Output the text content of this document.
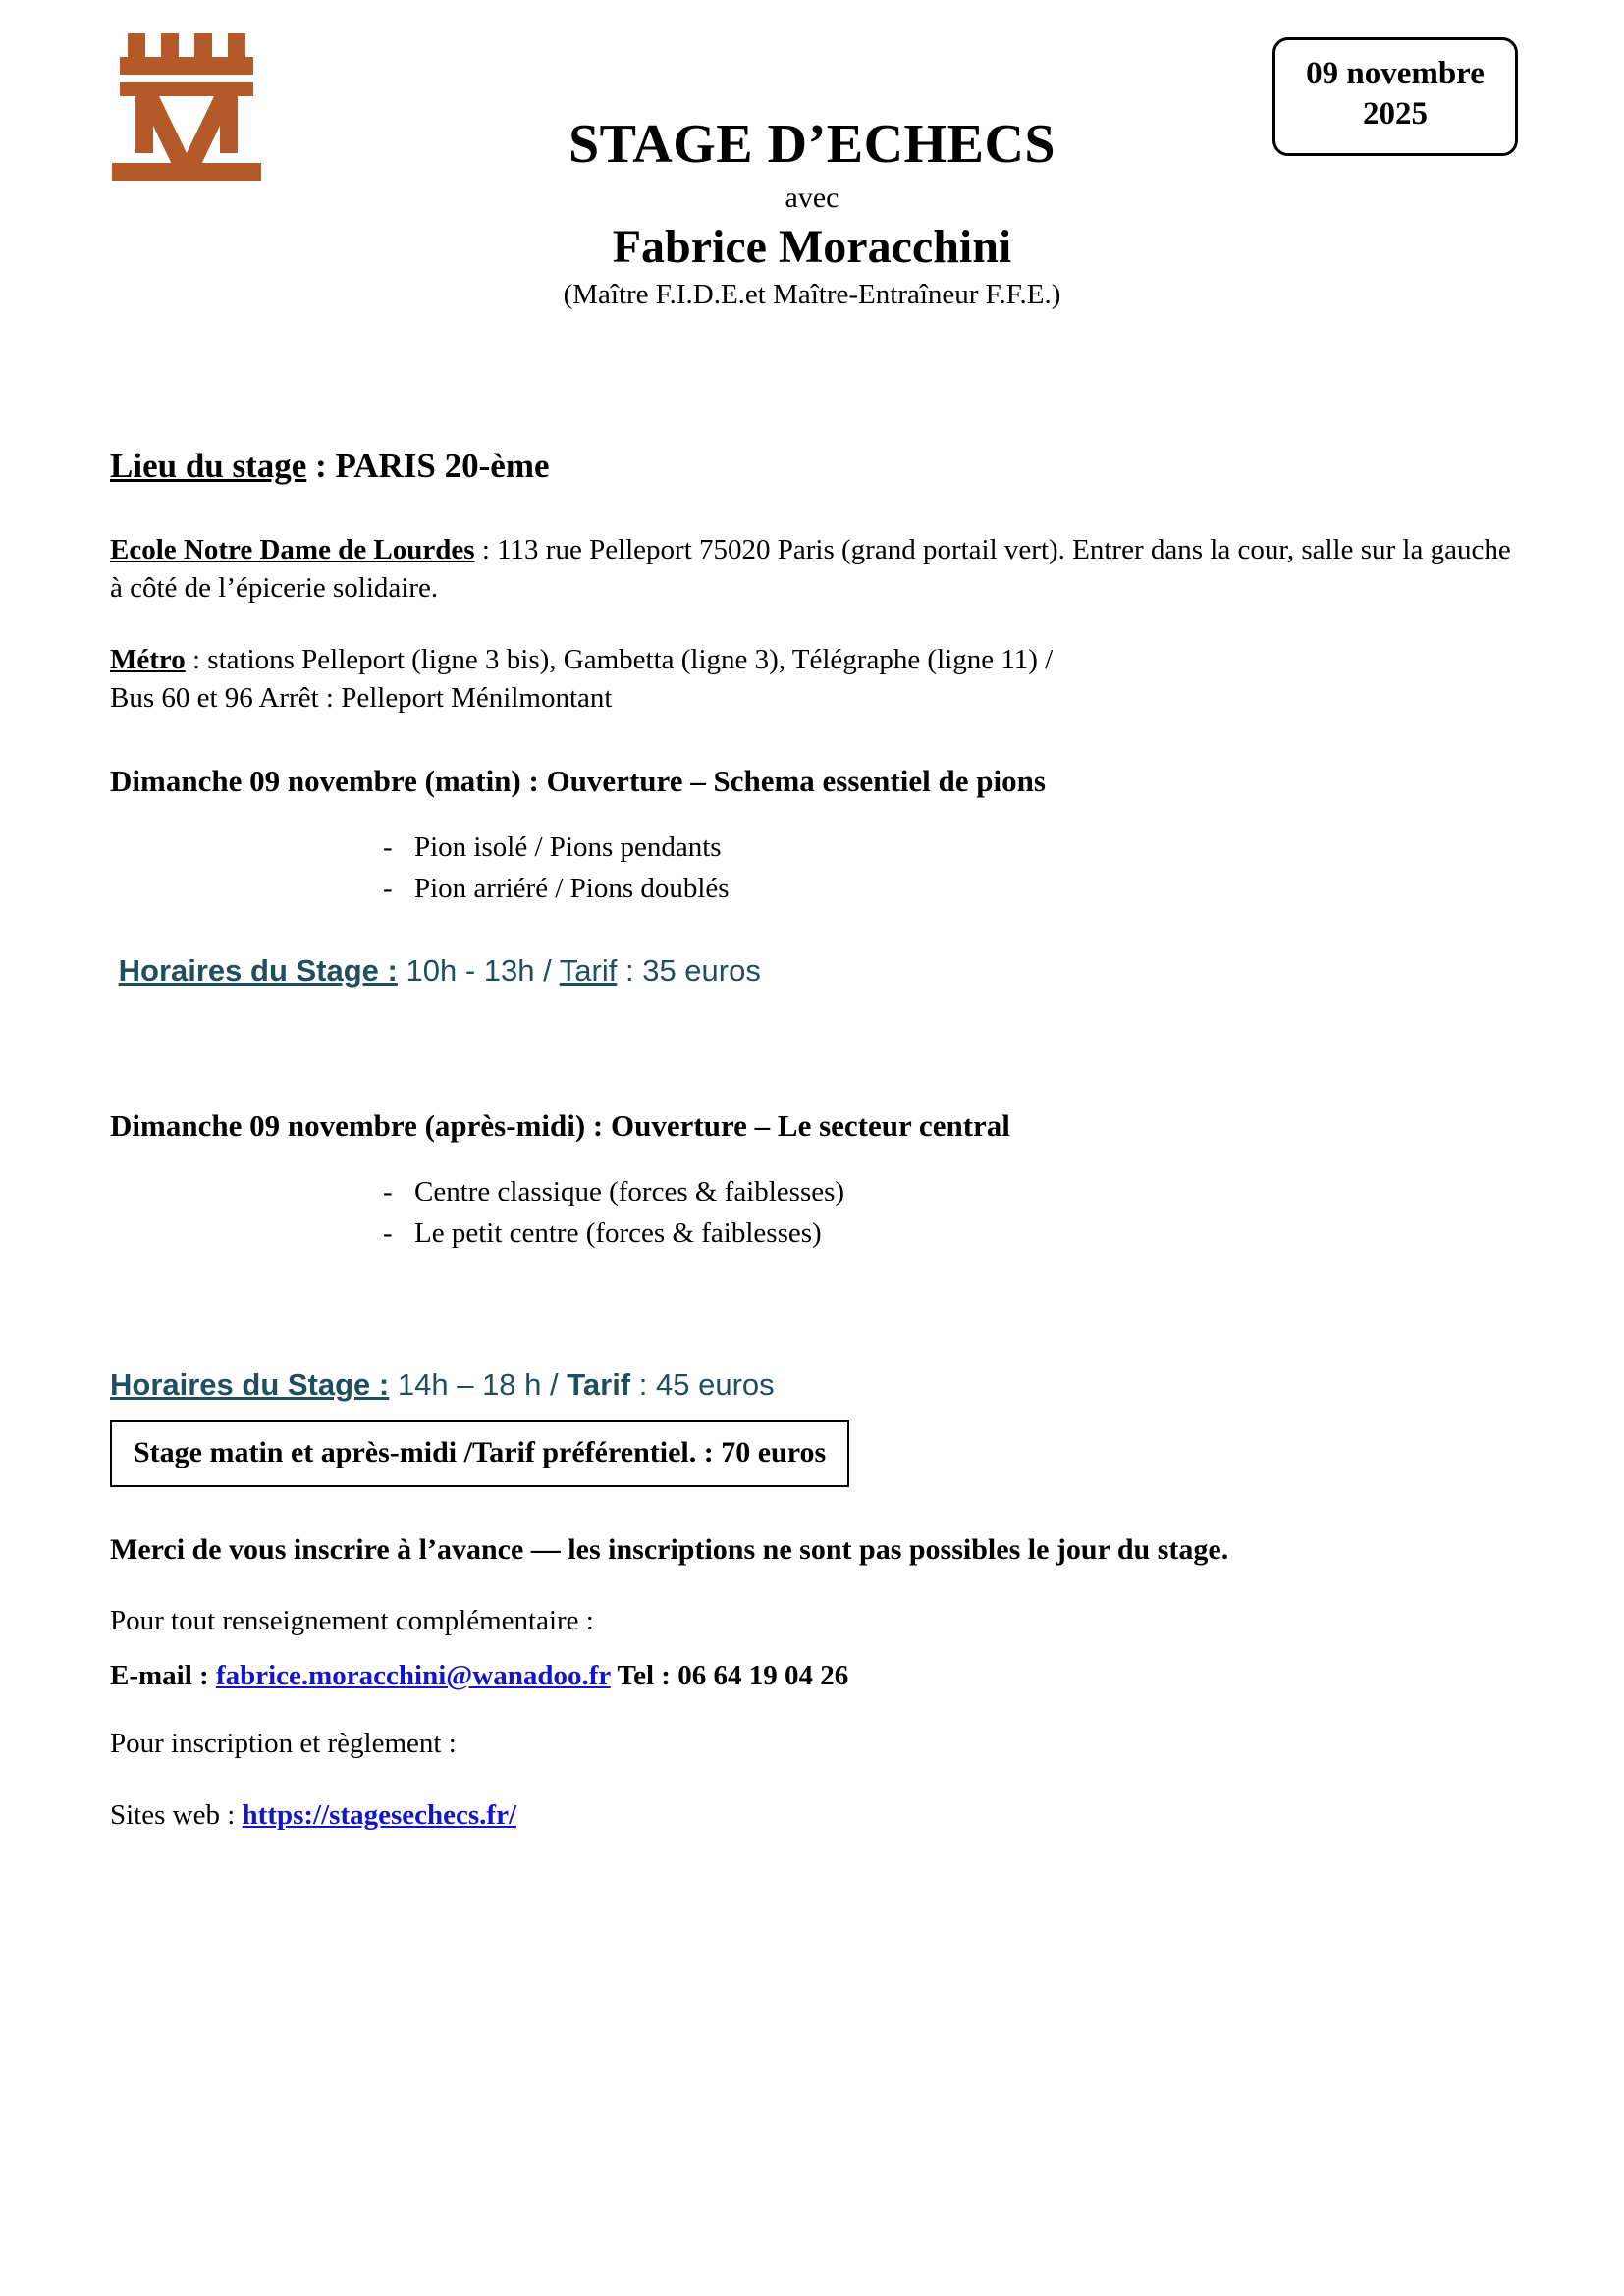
STAGE D’ECHECS
avec
Fabrice Moracchini
(Maître F.I.D.E.et Maître-Entraîneur F.F.E.)
09 novembre
2025
Lieu du stage : PARIS 20-ème
Ecole Notre Dame de Lourdes : 113 rue Pelleport 75020 Paris (grand portail vert). Entrer dans la cour, salle sur la gauche à côté de l’épicerie solidaire.
Métro : stations Pelleport (ligne 3 bis), Gambetta (ligne 3), Télégraphe (ligne 11) /
Bus 60 et 96 Arrêt : Pelleport Ménilmontant
Dimanche 09 novembre (matin) : Ouverture – Schema essentiel de pions
- Pion isolé / Pions pendants
- Pion arriéré / Pions doublés
Horaires du Stage : 10h - 13h / Tarif : 35 euros
Dimanche 09 novembre (après-midi) : Ouverture – Le secteur central
- Centre classique (forces & faiblesses)
- Le petit centre (forces & faiblesses)
Horaires du Stage : 14h – 18 h / Tarif : 45 euros
Stage matin et après-midi /Tarif préférentiel. : 70 euros
Merci de vous inscrire à l’avance — les inscriptions ne sont pas possibles le jour du stage.
Pour tout renseignement complémentaire :
E-mail : fabrice.moracchini@wanadoo.fr Tel : 06 64 19 04 26
Pour inscription et règlement :
Sites web : https://stagesechecs.fr/
